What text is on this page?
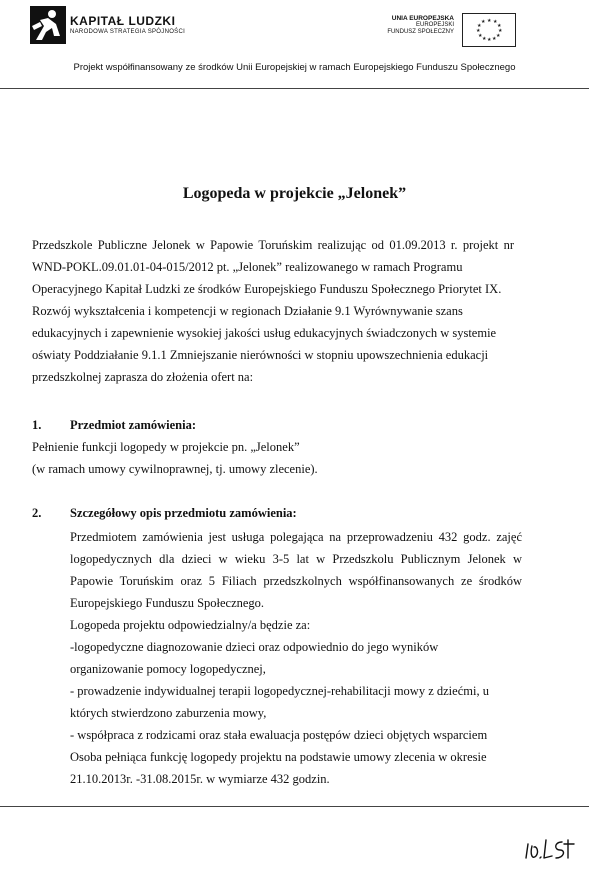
KAPITAŁ LUDZKI
NARODOWA STRATEGIA SPÓJNOŚCI
UNIA EUROPEJSKA
EUROPEJSKI
FUNDUSZ SPOŁECZNY
★ ★
★
★
★
★
★
★
★
★
★
★
Projekt współfinansowany ze środków Unii Europejskiej w ramach Europejskiego Funduszu Społecznego
Logopeda w projekcie „Jelonek”
Przedszkole Publiczne Jelonek w Papowie Toruńskim realizując od 01.09.2013 r. projekt nr
WND-POKL.09.01.01-04-015/2012 pt. „Jelonek” realizowanego w ramach Programu
Operacyjnego Kapitał Ludzki ze środków Europejskiego Funduszu Społecznego Priorytet IX.
Rozwój wykształcenia i kompetencji w regionach Działanie 9.1 Wyrównywanie szans
edukacyjnych i zapewnienie wysokiej jakości usług edukacyjnych świadczonych w systemie
oświaty Poddziałanie 9.1.1 Zmniejszanie nierówności w stopniu upowszechnienia edukacji
przedszkolnej zaprasza do złożenia ofert na:
1. Przedmiot zamówienia:
Pełnienie funkcji logopedy w projekcie pn. „Jelonek”
(w ramach umowy cywilnoprawnej, tj. umowy zlecenie).
2. Szczegółowy opis przedmiotu zamówienia:
Przedmiotem zamówienia jest usługa polegająca na przeprowadzeniu 432 godz. zajęć
logopedycznych dla dzieci w wieku 3-5 lat w Przedszkolu Publicznym Jelonek w
Papowie Toruńskim oraz 5 Filiach przedszkolnych współfinansowanych ze środków
Europejskiego Funduszu Społecznego.
Logopeda projektu odpowiedzialny/a będzie za:
-logopedyczne diagnozowanie dzieci oraz odpowiednio do jego wyników
organizowanie pomocy logopedycznej,
- prowadzenie indywidualnej terapii logopedycznej-rehabilitacji mowy z dziećmi, u
których stwierdzono zaburzenia mowy,
- współpraca z rodzicami oraz stała ewaluacja postępów dzieci objętych wsparciem
Osoba pełniąca funkcję logopedy projektu na podstawie umowy zlecenia w okresie
21.10.2013r. -31.08.2015r. w wymiarze 432 godzin.
